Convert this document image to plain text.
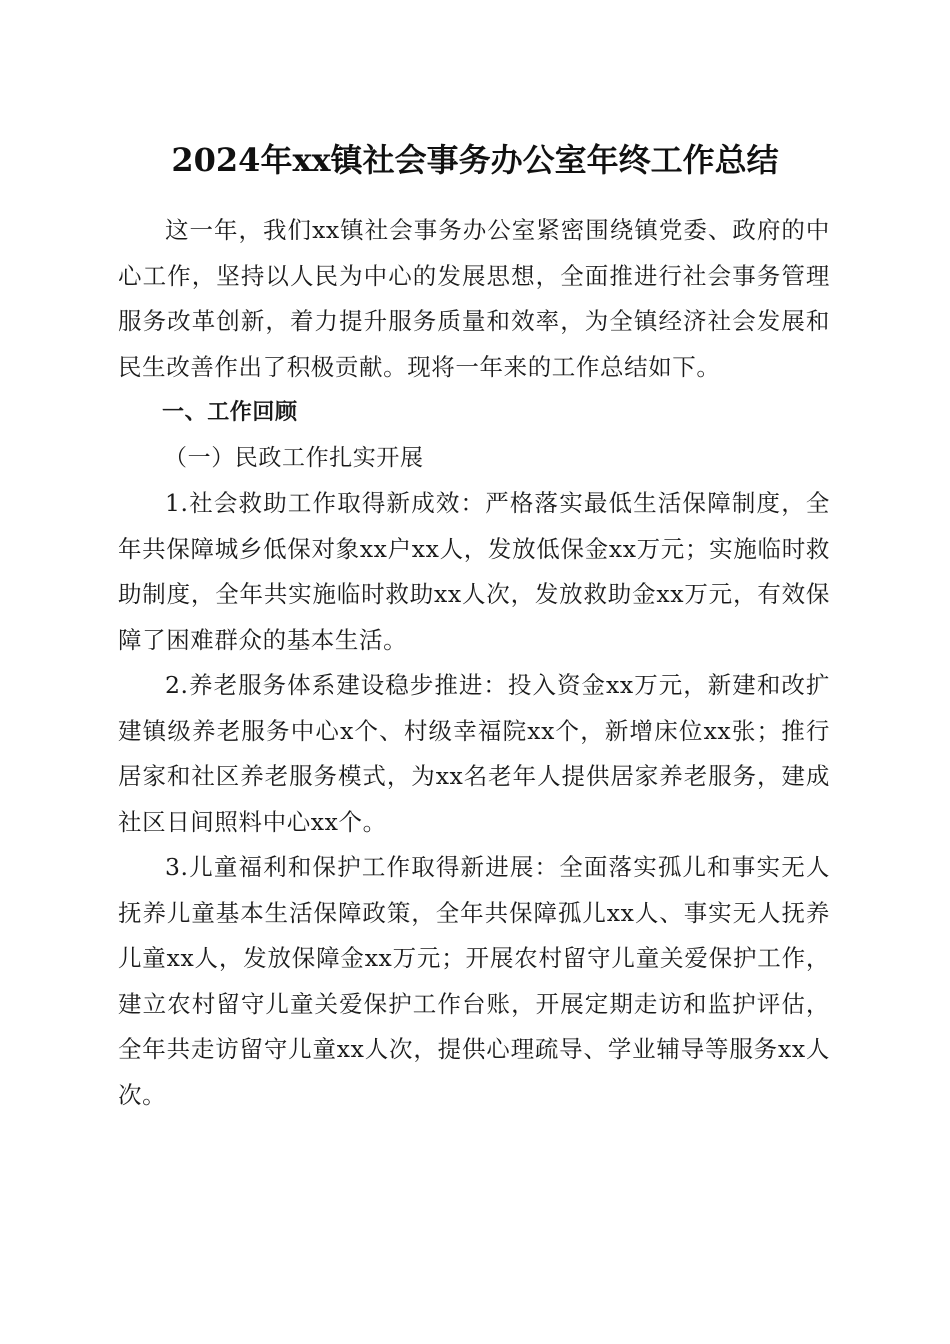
2024年xx镇社会事务办公室年终工作总结

这一年，我们xx镇社会事务办公室紧密围绕镇党委、政府的中心工作，坚持以人民为中心的发展思想，全面推进行社会事务管理服务改革创新，着力提升服务质量和效率，为全镇经济社会发展和民生改善作出了积极贡献。现将一年来的工作总结如下。

一、工作回顾

（一）民政工作扎实开展

1.社会救助工作取得新成效：严格落实最低生活保障制度，全年共保障城乡低保对象xx户xx人，发放低保金xx万元；实施临时救助制度，全年共实施临时救助xx人次，发放救助金xx万元，有效保障了困难群众的基本生活。

2.养老服务体系建设稳步推进：投入资金xx万元，新建和改扩建镇级养老服务中心x个、村级幸福院xx个，新增床位xx张；推行居家和社区养老服务模式，为xx名老年人提供居家养老服务，建成社区日间照料中心xx个。

3.儿童福利和保护工作取得新进展：全面落实孤儿和事实无人抚养儿童基本生活保障政策，全年共保障孤儿xx人、事实无人抚养儿童xx人，发放保障金xx万元；开展农村留守儿童关爱保护工作，建立农村留守儿童关爱保护工作台账，开展定期走访和监护评估，全年共走访留守儿童xx人次，提供心理疏导、学业辅导等服务xx人次。
